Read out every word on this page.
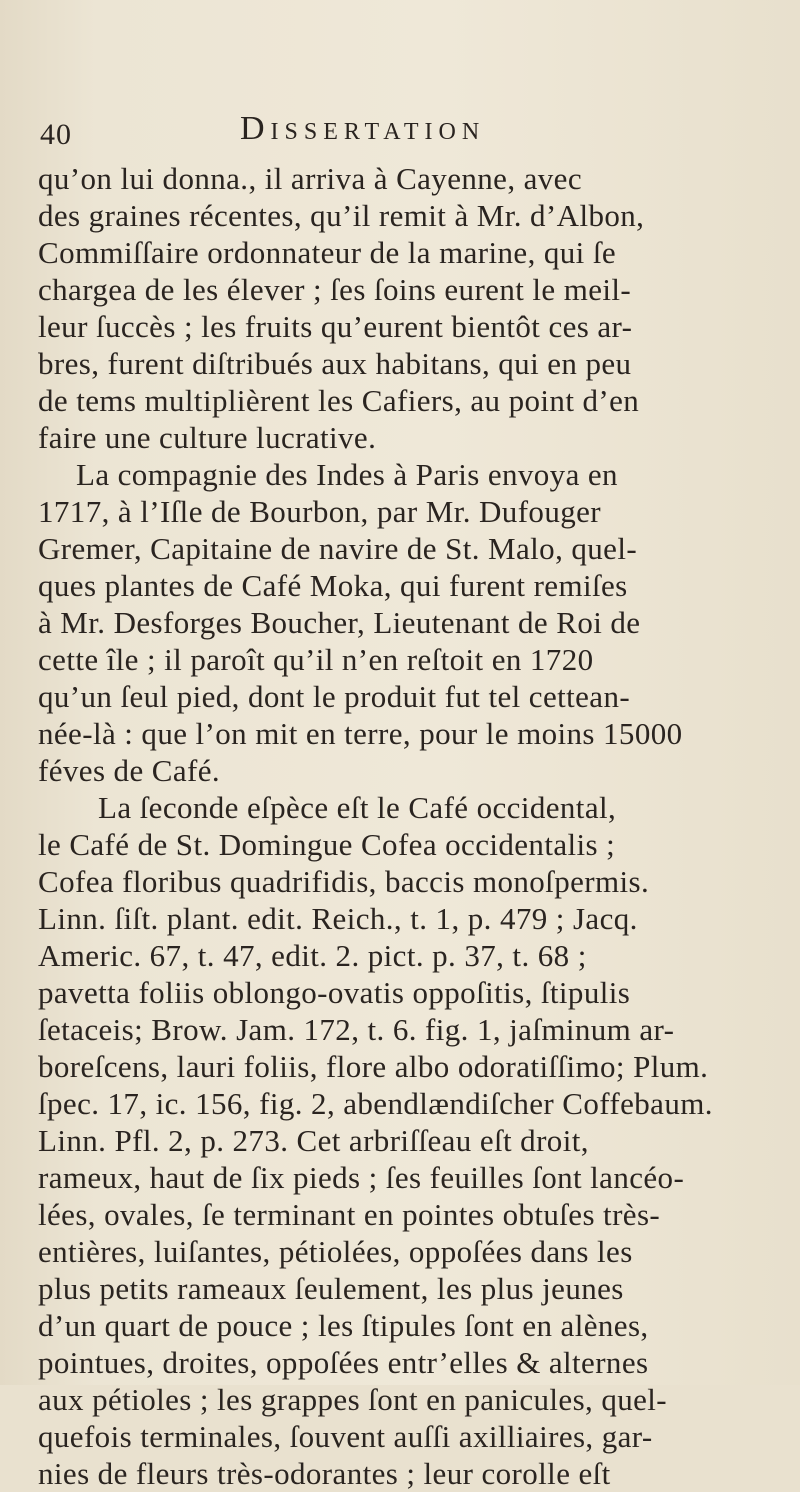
40	Dissertation
qu’on lui donna., il arriva à Cayenne, avec
des graines récentes, qu’il remit à Mr. d’Albon,
Commiſſaire ordonnateur de la marine, qui ſe
chargea de les élever ; ſes ſoins eurent le meil-
leur ſuccès ; les fruits qu’eurent bientôt ces ar-
bres, furent diſtribués aux habitans, qui en peu
de tems multiplièrent les Cafiers, au point d’en
faire une culture lucrative.
La compagnie des Indes à Paris envoya en
1717, à l’Iſle de Bourbon, par Mr. Dufouger
Gremer, Capitaine de navire de St. Malo, quel-
ques plantes de Café Moka, qui furent remiſes
à Mr. Desforges Boucher, Lieutenant de Roi de
cette île ; il paroît qu’il n’en reſtoit en 1720
qu’un ſeul pied, dont le produit fut tel cettean-
née-là : que l’on mit en terre, pour le moins 15000
féves de Café.
La ſeconde eſpèce eſt le Café occidental,
le Café de St. Domingue Cofea occidentalis ;
Cofea floribus quadrifidis, baccis monoſpermis.
Linn. ſiſt. plant. edit. Reich., t. 1, p. 479 ; Jacq.
Americ. 67, t. 47, edit. 2. pict. p. 37, t. 68 ;
pavetta foliis oblongo-ovatis oppoſitis, ſtipulis
ſetaceis; Brow. Jam. 172, t. 6. fig. 1, jaſminum ar-
boreſcens, lauri foliis, flore albo odoratiſſimo; Plum.
ſpec. 17, ic. 156, fig. 2, abendlændiſcher Coffebaum.
Linn. Pfl. 2, p. 273. Cet arbriſſeau eſt droit,
rameux, haut de ſix pieds ; ſes feuilles ſont lancéo-
lées, ovales, ſe terminant en pointes obtuſes très-
entières, luiſantes, pétiolées, oppoſées dans les
plus petits rameaux ſeulement, les plus jeunes
d’un quart de pouce ; les ſtipules ſont en alènes,
pointues, droites, oppoſées entr’elles & alternes
aux pétioles ; les grappes ſont en panicules, quel-
quefois terminales, ſouvent auſſi axilliaires, gar-
nies de fleurs très-odorantes ; leur corolle eſt
